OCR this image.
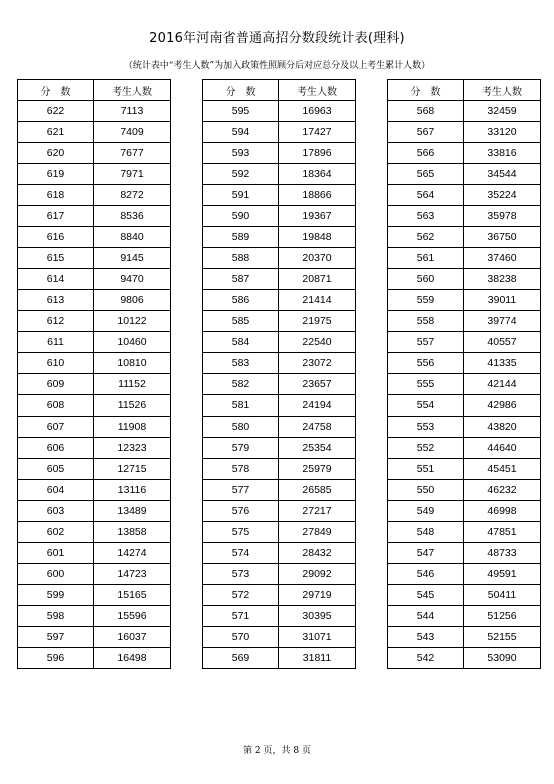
2016年河南省普通高招分数段统计表(理科)
（统计表中“考生人数”为加入政策性照顾分后对应总分及以上考生累计人数）
分　数	考生人数
622	7113
621	7409
620	7677
619	7971
618	8272
617	8536
616	8840
615	9145
614	9470
613	9806
612	10122
611	10460
610	10810
609	11152
608	11526
607	11908
606	12323
605	12715
604	13116
603	13489
602	13858
601	14274
600	14723
599	15165
598	15596
597	16037
596	16498
分　数	考生人数
595	16963
594	17427
593	17896
592	18364
591	18866
590	19367
589	19848
588	20370
587	20871
586	21414
585	21975
584	22540
583	23072
582	23657
581	24194
580	24758
579	25354
578	25979
577	26585
576	27217
575	27849
574	28432
573	29092
572	29719
571	30395
570	31071
569	31811
分　数	考生人数
568	32459
567	33120
566	33816
565	34544
564	35224
563	35978
562	36750
561	37460
560	38238
559	39011
558	39774
557	40557
556	41335
555	42144
554	42986
553	43820
552	44640
551	45451
550	46232
549	46998
548	47851
547	48733
546	49591
545	50411
544	51256
543	52155
542	53090
第 2 页，共 8 页
